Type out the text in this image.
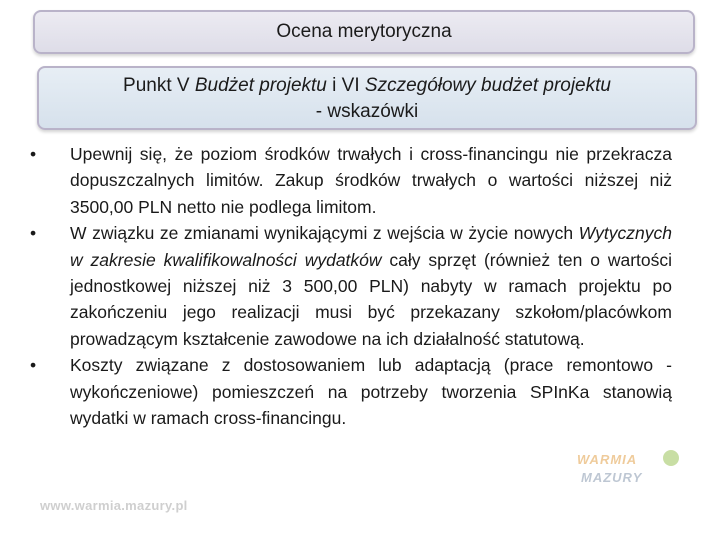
Ocena merytoryczna
Punkt V Budżet projektu i VI Szczegółowy budżet projektu
- wskazówki
•	Upewnij się, że poziom środków trwałych i cross-financingu nie przekracza dopuszczalnych limitów. Zakup środków trwałych o wartości niższej niż 3500,00 PLN netto nie podlega limitom.
•	W związku ze zmianami wynikającymi z wejścia w życie nowych Wytycznych w zakresie kwalifikowalności wydatków cały sprzęt (również ten o wartości jednostkowej niższej niż 3 500,00 PLN) nabyty w ramach projektu po zakończeniu jego realizacji musi być przekazany szkołom/placówkom prowadzącym kształcenie zawodowe na ich działalność statutową.
•	Koszty związane z dostosowaniem lub adaptacją (prace remontowo -wykończeniowe) pomieszczeń na potrzeby tworzenia SPInKa stanowią wydatki w ramach cross-financingu.
www.warmia.mazury.pl
WARMIA
MAZURY
